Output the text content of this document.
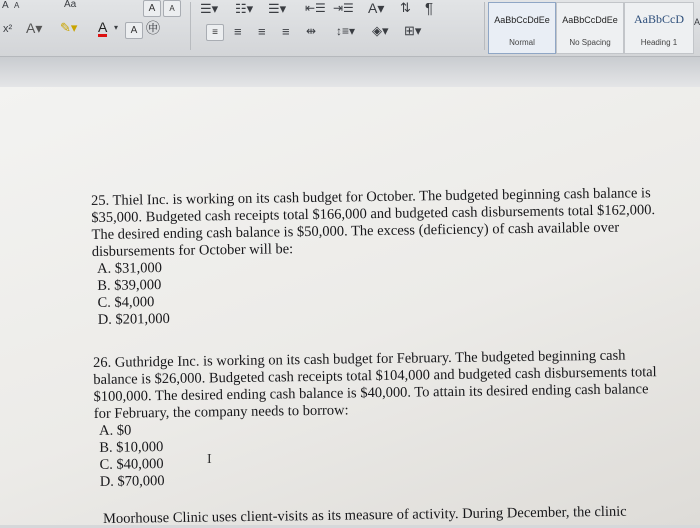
A A	Aa	A A
x² A▾ ✎▾ A ▾ A ㊥
☰▾ ☷▾ ☰▾ ⇤☰ ⇥☰ A▾ ⇅ ¶
≡ ≡ ≡ ≡ ⇹ ↕≡▾ ◈▾ ⊞▾
AaBbCcDdEe
Normal
AaBbCcDdEe
No Spacing
AaBbCcD
Heading 1
A

25. Thiel Inc. is working on its cash budget for October. The budgeted beginning cash balance is

$35,000. Budgeted cash receipts total $166,000 and budgeted cash disbursements total $162,000.

The desired ending cash balance is $50,000. The excess (deficiency) of cash available over

disbursements for October will be:

A. $31,000

B. $39,000

C. $4,000

D. $201,000

26. Guthridge Inc. is working on its cash budget for February. The budgeted beginning cash

balance is $26,000. Budgeted cash receipts total $104,000 and budgeted cash disbursements total

$100,000. The desired ending cash balance is $40,000. To attain its desired ending cash balance

for February, the company needs to borrow:

A. $0

B. $10,000

C. $40,000

D. $70,000

Moorhouse Clinic uses client-visits as its measure of activity. During December, the clinic

I
